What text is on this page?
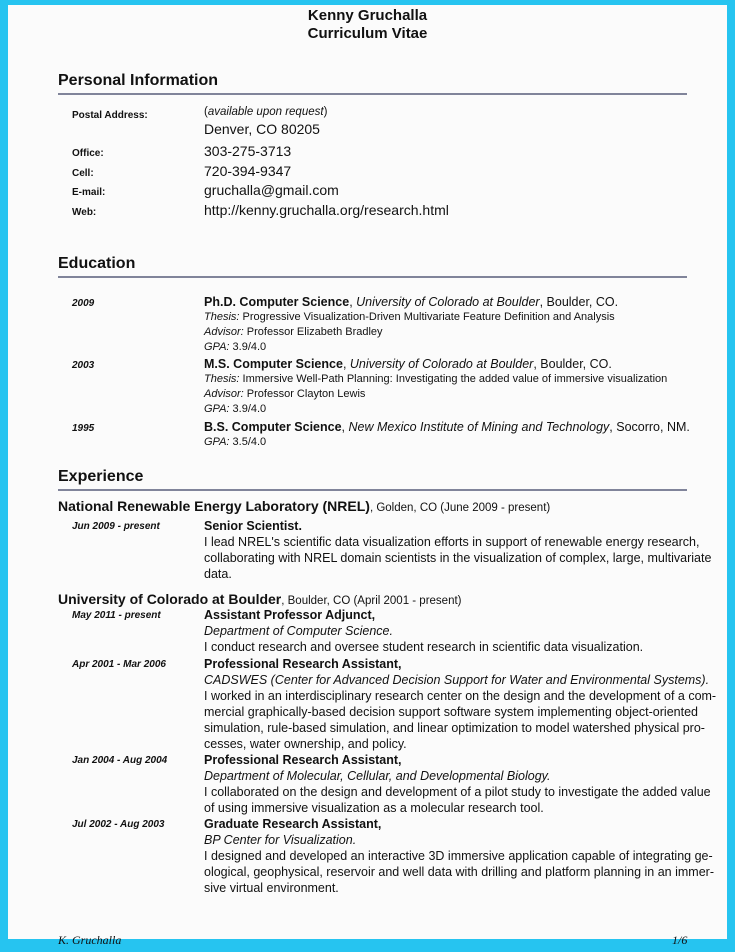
Kenny Gruchalla
Curriculum Vitae
Personal Information
Postal Address:	(available upon request)
Denver, CO 80205
Office:	303-275-3713
Cell:	720-394-9347
E-mail:	gruchalla@gmail.com
Web:	http://kenny.gruchalla.org/research.html
Education
2009	Ph.D. Computer Science, University of Colorado at Boulder, Boulder, CO.
Thesis: Progressive Visualization-Driven Multivariate Feature Definition and Analysis
Advisor: Professor Elizabeth Bradley
GPA: 3.9/4.0
2003	M.S. Computer Science, University of Colorado at Boulder, Boulder, CO.
Thesis: Immersive Well-Path Planning: Investigating the added value of immersive visualization
Advisor: Professor Clayton Lewis
GPA: 3.9/4.0
1995	B.S. Computer Science, New Mexico Institute of Mining and Technology, Socorro, NM.
GPA: 3.5/4.0
Experience
National Renewable Energy Laboratory (NREL), Golden, CO (June 2009 - present)
University of Colorado at Boulder, Boulder, CO (April 2001 - present)
Jun 2009 - present	Senior Scientist.
I lead NREL's scientific data visualization efforts in support of renewable energy research,
collaborating with NREL domain scientists in the visualization of complex, large, multivariate
data.
May 2011 - present	Assistant Professor Adjunct,
Department of Computer Science.
I conduct research and oversee student research in scientific data visualization.
Apr 2001 - Mar 2006	Professional Research Assistant,
CADSWES (Center for Advanced Decision Support for Water and Environmental Systems).
I worked in an interdisciplinary research center on the design and the development of a com-
mercial graphically-based decision support software system implementing object-oriented
simulation, rule-based simulation, and linear optimization to model watershed physical pro-
cesses, water ownership, and policy.
Jan 2004 - Aug 2004	Professional Research Assistant,
Department of Molecular, Cellular, and Developmental Biology.
I collaborated on the design and development of a pilot study to investigate the added value
of using immersive visualization as a molecular research tool.
Jul 2002 - Aug 2003	Graduate Research Assistant,
BP Center for Visualization.
I designed and developed an interactive 3D immersive application capable of integrating ge-
ological, geophysical, reservoir and well data with drilling and platform planning in an immer-
sive virtual environment.
K. Gruchalla	1/6
